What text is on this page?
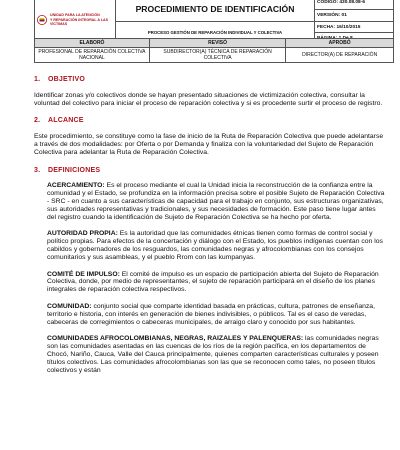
UNIDAD PARA LA ATENCIÓN
Y REPARACIÓN INTEGRAL A LAS VÍCTIMAS	PROCEDIMIENTO DE IDENTIFICACIÓN	CÓDIGO: 430.08.08-6
		VERSIÓN: 01
	PROCESO GESTIÓN DE REPARACIÓN INDIVIDUAL Y COLECTIVA	FECHA: 16/10/2015

ELABORÓ	REVISÓ	APROBÓ
PROFESIONAL DE REPARACIÓN COLECTIVA NACIONAL	SUBDIRECTOR(A) TÉCNICA DE REPARACIÓN COLECTIVA	DIRECTOR(A) DE REPARACIÓN
1. OBJETIVO

Identificar zonas y/o colectivos donde se hayan presentado situaciones de victimización colectiva, consultar la voluntad del colectivo para iniciar el proceso de reparación colectiva y si es procedente surtir el proceso de registro.

2. ALCANCE

Este procedimiento, se constituye como la fase de inicio de la Ruta de Reparación Colectiva que puede adelantarse a través de dos modalidades: por Oferta o por Demanda y finaliza con la voluntariedad del Sujeto de Reparación Colectiva para adelantar la Ruta de Reparación Colectiva.

3. DEFINICIONES

ACERCAMIENTO: Es el proceso mediante el cual la Unidad inicia la reconstrucción de la confianza entre la comunidad y el Estado, se profundiza en la información precisa sobre el posible Sujeto de Reparación Colectiva - SRC - en cuanto a sus características de capacidad para el trabajo en conjunto, sus estructuras organizativas, sus autoridades representativas y tradicionales, y sus necesidades de formación. Este paso tiene lugar antes del registro cuando la identificación de Sujeto de Reparación Colectiva se ha hecho por oferta.

AUTORIDAD PROPIA: Es la autoridad que las comunidades étnicas tienen como formas de control social y político propias. Para efectos de la concertación y diálogo con el Estado, los pueblos indígenas cuentan con los cabildos y gobernadores de los resguardos, las comunidades negras y afrocolombianas con los consejos comunitarios y sus asambleas, y el pueblo Rrom con las kumpanyas.

COMITÉ DE IMPULSO: El comité de impulso es un espacio de participación abierta del Sujeto de Reparación Colectiva, donde, por medio de representantes, el sujeto de reparación participará en el diseño de los planes integrales de reparación colectiva respectivos.

COMUNIDAD: conjunto social que comparte identidad basada en prácticas, cultura, patrones de enseñanza, territorio e historia, con interés en generación de bienes indivisibles, o públicos. Tal es el caso de veredas, cabeceras de corregimientos o cabeceras municipales, de arraigo claro y conocido por sus habitantes.

COMUNIDADES AFROCOLOMBIANAS, NEGRAS, RAIZALES Y PALENQUERAS: las comunidades negras son las comunidades asentadas en las cuencas de los ríos de la región pacífica, en los departamentos de Chocó, Nariño, Cauca, Valle del Cauca principalmente, quienes comparten características culturales y poseen títulos colectivos. Las comunidades afrocolombianas son las que se reconocen como tales, no poseen títulos colectivos y están
